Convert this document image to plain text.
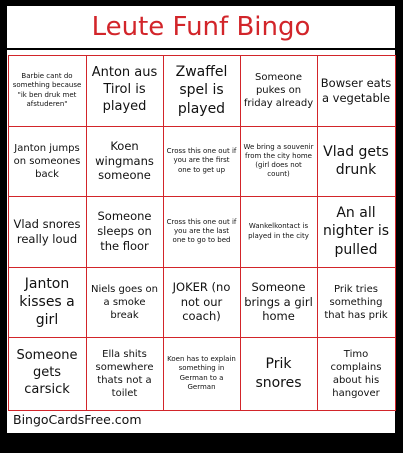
Leute Funf Bingo
Barbie cant do something because "ik ben druk met afstuderen"
Anton aus Tirol is played
Zwaffel spel is played
Someone pukes on friday already
Bowser eats a vegetable
Janton jumps on someones back
Koen wingmans someone
Cross this one out if you are the first one to get up
We bring a souvenir from the city home (girl does not count)
Vlad gets drunk
Vlad snores really loud
Someone sleeps on the floor
Cross this one out if you are the last one to go to bed
Wankelkontact is played in the city
An all nighter is pulled
Janton kisses a girl
Niels goes on a smoke break
JOKER (no not our coach)
Someone brings a girl home
Prik tries something that has prik
Someone gets carsick
Ella shits somewhere thats not a toilet
Koen has to explain something in German to a German
Prik snores
Timo complains about his hangover
BingoCardsFree.com
